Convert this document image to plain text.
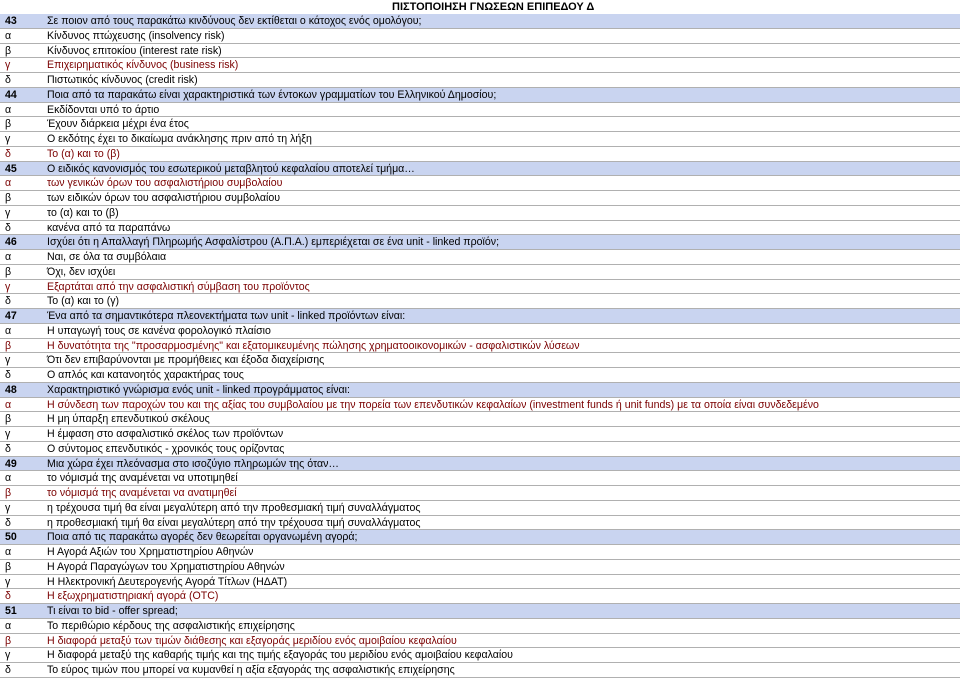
ΠΙΣΤΟΠΟΙΗΣΗ ΓΝΩΣΕΩΝ ΕΠΙΠΕΔΟΥ Δ
43	Σε ποιον από τους παρακάτω κινδύνους δεν εκτίθεται ο κάτοχος ενός ομολόγου;
α	Κίνδυνος πτώχευσης (insolvency risk)
β	Κίνδυνος επιτοκίου (interest rate risk)
γ	Επιχειρηματικός κίνδυνος (business risk)
δ	Πιστωτικός κίνδυνος (credit risk)
44	Ποια από τα παρακάτω είναι χαρακτηριστικά των έντοκων γραμματίων του Ελληνικού Δημοσίου;
α	Εκδίδονται υπό το άρτιο
β	Έχουν διάρκεια μέχρι ένα έτος
γ	Ο εκδότης έχει το δικαίωμα ανάκλησης πριν από τη λήξη
δ	Το (α) και το (β)
45	Ο ειδικός κανονισμός του εσωτερικού μεταβλητού κεφαλαίου αποτελεί τμήμα…
α	των γενικών όρων του ασφαλιστήριου συμβολαίου
β	των ειδικών όρων του ασφαλιστήριου συμβολαίου
γ	το (α) και το (β)
δ	κανένα από τα παραπάνω
46	Ισχύει ότι η Απαλλαγή Πληρωμής Ασφαλίστρου (Α.Π.Α.) εμπεριέχεται σε ένα unit - linked προϊόν;
α	Ναι, σε όλα τα συμβόλαια
β	Όχι, δεν ισχύει
γ	Εξαρτάται από την ασφαλιστική σύμβαση του προϊόντος
δ	Το (α) και το (γ)
47	Ένα από τα σημαντικότερα πλεονεκτήματα των unit - linked προϊόντων είναι:
α	Η υπαγωγή τους σε κανένα φορολογικό πλαίσιο
β	Η δυνατότητα της "προσαρμοσμένης" και εξατομικευμένης πώλησης χρηματοοικονομικών - ασφαλιστικών λύσεων
γ	Ότι δεν επιβαρύνονται με προμήθειες και έξοδα διαχείρισης
δ	Ο απλός και κατανοητός χαρακτήρας τους
48	Χαρακτηριστικό γνώρισμα ενός unit - linked προγράμματος είναι:
α	Η σύνδεση των παροχών του και της αξίας του συμβολαίου με την πορεία των επενδυτικών κεφαλαίων (investment funds ή unit funds) με τα οποία είναι συνδεδεμένο
β	Η μη ύπαρξη επενδυτικού σκέλους
γ	Η έμφαση στο ασφαλιστικό σκέλος των προϊόντων
δ	Ο σύντομος επενδυτικός - χρονικός τους ορίζοντας
49	Μια χώρα έχει πλεόνασμα στο ισοζύγιο πληρωμών της όταν…
α	το νόμισμά της αναμένεται να υποτιμηθεί
β	το νόμισμά της αναμένεται να ανατιμηθεί
γ	η τρέχουσα τιμή θα είναι μεγαλύτερη από την προθεσμιακή τιμή συναλλάγματος
δ	η προθεσμιακή τιμή θα είναι μεγαλύτερη από την τρέχουσα τιμή συναλλάγματος
50	Ποια από τις παρακάτω αγορές δεν θεωρείται οργανωμένη αγορά;
α	Η Αγορά Αξιών του Χρηματιστηρίου Αθηνών
β	Η Αγορά Παραγώγων του Χρηματιστηρίου Αθηνών
γ	Η Ηλεκτρονική Δευτερογενής Αγορά Τίτλων (ΗΔΑΤ)
δ	Η εξωχρηματιστηριακή αγορά (OTC)
51	Τι είναι το bid - offer spread;
α	Το περιθώριο κέρδους της ασφαλιστικής επιχείρησης
β	Η διαφορά μεταξύ των τιμών διάθεσης και εξαγοράς μεριδίου ενός αμοιβαίου κεφαλαίου
γ	Η διαφορά μεταξύ της καθαρής τιμής και της τιμής εξαγοράς του μεριδίου ενός αμοιβαίου κεφαλαίου
δ	Το εύρος τιμών που μπορεί να κυμανθεί η αξία εξαγοράς της ασφαλιστικής επιχείρησης
